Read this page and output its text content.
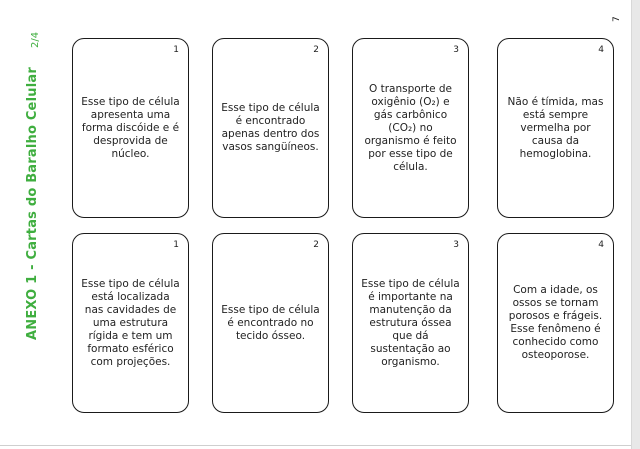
ANEXO 1 - Cartas do Baralho Celular
2/4
7
1
Esse tipo de célula apresenta uma forma discóide e é desprovida de núcleo.
2
Esse tipo de célula é encontrado apenas dentro dos vasos sangüíneos.
3
O transporte de oxigênio (O₂) e gás carbônico (CO₂) no organismo é feito por esse tipo de célula.
4
Não é tímida, mas está sempre vermelha por causa da hemoglobina.
1
Esse tipo de célula está localizada nas cavidades de uma estrutura rígida e tem um formato esférico com projeções.
2
Esse tipo de célula é encontrado no tecido ósseo.
3
Esse tipo de célula é importante na manutenção da estrutura óssea que dá sustentação ao organismo.
4
Com a idade, os ossos se tornam porosos e frágeis. Esse fenômeno é conhecido como osteoporose.
